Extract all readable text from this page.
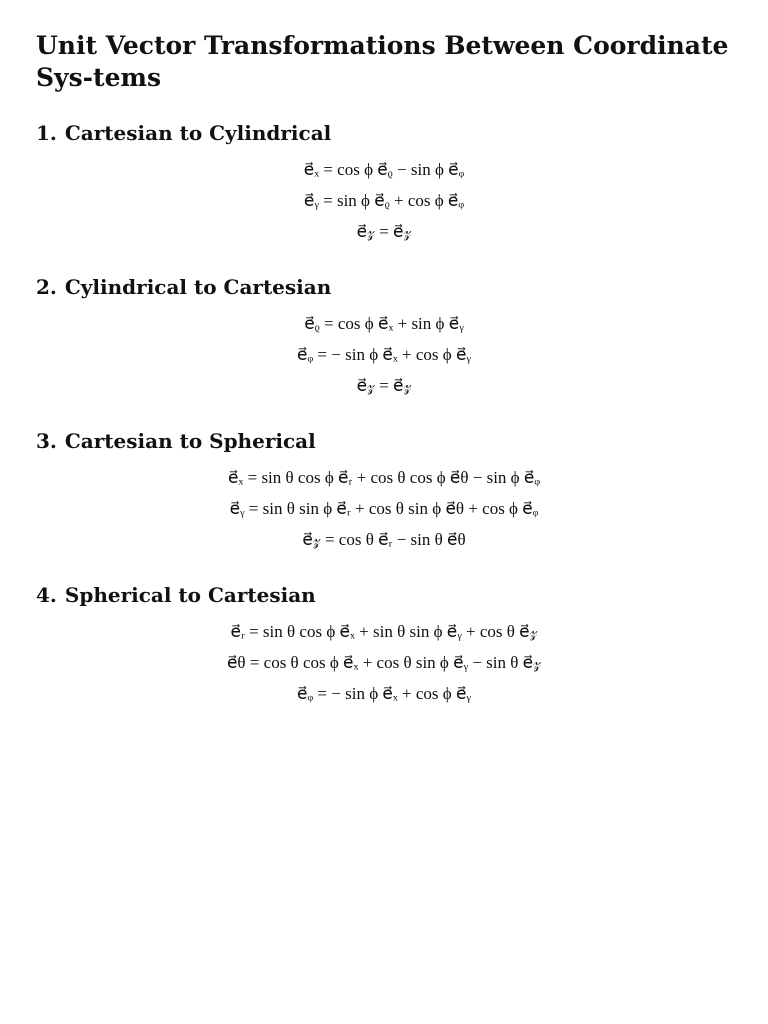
Unit Vector Transformations Between Coordinate Sys-tems
1. Cartesian to Cylindrical
e⃗ₓ = cos ϕ e⃗ᵨ − sin ϕ e⃗ᵩ
e⃗ᵧ = sin ϕ e⃗ᵨ + cos ϕ e⃗ᵩ
e⃗𝓏 = e⃗𝓏
2. Cylindrical to Cartesian
e⃗ᵨ = cos ϕ e⃗ₓ + sin ϕ e⃗ᵧ
e⃗ᵩ = − sin ϕ e⃗ₓ + cos ϕ e⃗ᵧ
e⃗𝓏 = e⃗𝓏
3. Cartesian to Spherical
e⃗ₓ = sin θ cos ϕ e⃗ᵣ + cos θ cos ϕ e⃗θ − sin ϕ e⃗ᵩ
e⃗ᵧ = sin θ sin ϕ e⃗ᵣ + cos θ sin ϕ e⃗θ + cos ϕ e⃗ᵩ
e⃗𝓏 = cos θ e⃗ᵣ − sin θ e⃗θ
4. Spherical to Cartesian
e⃗ᵣ = sin θ cos ϕ e⃗ₓ + sin θ sin ϕ e⃗ᵧ + cos θ e⃗𝓏
e⃗θ = cos θ cos ϕ e⃗ₓ + cos θ sin ϕ e⃗ᵧ − sin θ e⃗𝓏
e⃗ᵩ = − sin ϕ e⃗ₓ + cos ϕ e⃗ᵧ
